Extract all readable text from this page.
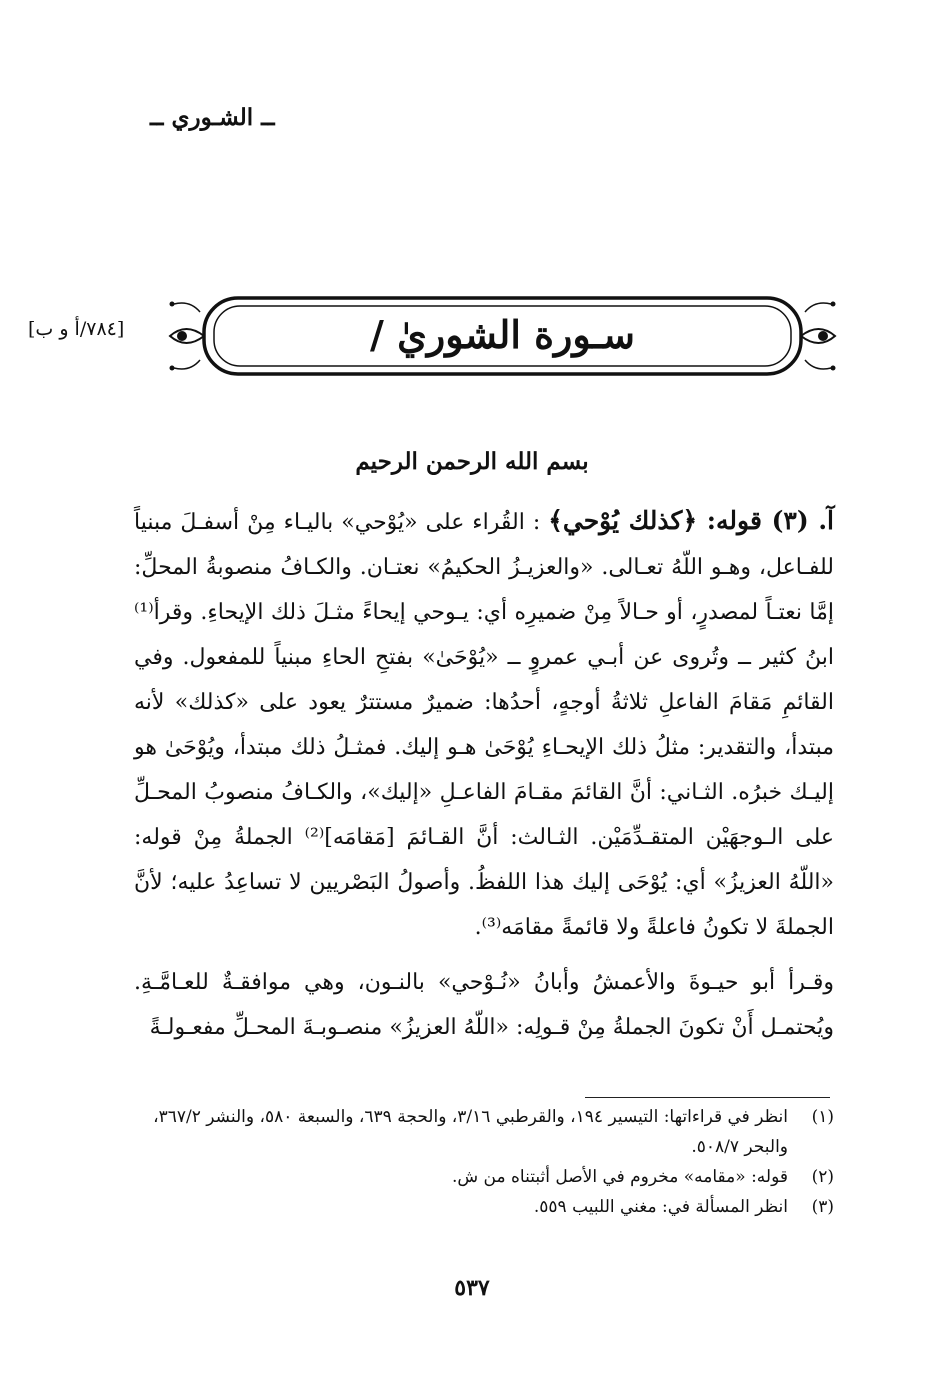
ــ الشـوري ــ
[٧٨٤/أ و ب]	سـورة الشوريٰ /
بسم الله الرحمن الرحيم

آ. (٣) قوله: ﴿كذلك يُوْحي﴾ : القُراء على «يُوْحي» باليـاء مِنْ أسفـلَ مبنياً للفـاعل، وهـو اللّهُ تعـالى. «والعزيـزُ الحكيمُ» نعتـان. والكـافُ منصوبةُ المحلِّ: إمَّا نعتـاً لمصدرٍ، أو حـالاً مِنْ ضميرِه أي: يـوحي إيحاءً مثـلَ ذلك الإيحاءِ. وقرأ⁽¹⁾ ابنُ كثير ــ وتُروى عن أبـي عمروٍ ــ «يُوْحَىٰ» بفتحِ الحاءِ مبنياً للمفعول. وفي القائمِ مَقامَ الفاعلِ ثلاثةُ أوجهٍ، أحدُها: ضميرٌ مستترٌ يعود على «كذلك» لأنه مبتدأ، والتقدير: مثلُ ذلك الإيحـاءِ يُوْحَىٰ هـو إليك. فمثـلُ ذلك مبتدأ، ويُوْحَىٰ هو إليـك خبرُه. الثـاني: أنَّ القائمَ مقـامَ الفاعـلِ «إليك»، والكـافُ منصوبُ المحـلِّ على الـوجهَيْن المتقـدِّمَيْن. الثـالث: أنَّ القـائمَ [مَقامَه]⁽²⁾ الجملةُ مِنْ قوله: «اللّهُ العزيزُ» أي: يُوْحَى إليك هذا اللفظُ. وأصولُ البَصْريين لا تساعِدُ عليه؛ لأنَّ الجملةَ لا تكونُ فاعلةً ولا قائمةً مقامَه⁽³⁾.

وقـرأ أبو حيـوةَ والأعمشُ وأبانُ «نُـوْحي» بالنـون، وهي موافقـةٌ للعـامَّـةِ. ويُحتمـل أَنْ تكونَ الجملةُ مِنْ قـولِه: «اللّهُ العزيزُ» منصـوبـةَ المحـلِّ مفعـولـةً

(١)
انظر في قراءاتها: التيسير ١٩٤، والقرطبي ٣/١٦، والحجة ٦٣٩، والسبعة ٥٨٠، والنشر ٣٦٧/٢، والبحر ٥٠٨/٧.
(٢)
قوله: «مقامه» مخروم في الأصل أثبتناه من ش.
(٣)
انظر المسألة في: مغني اللبيب ٥٥٩.
٥٣٧
